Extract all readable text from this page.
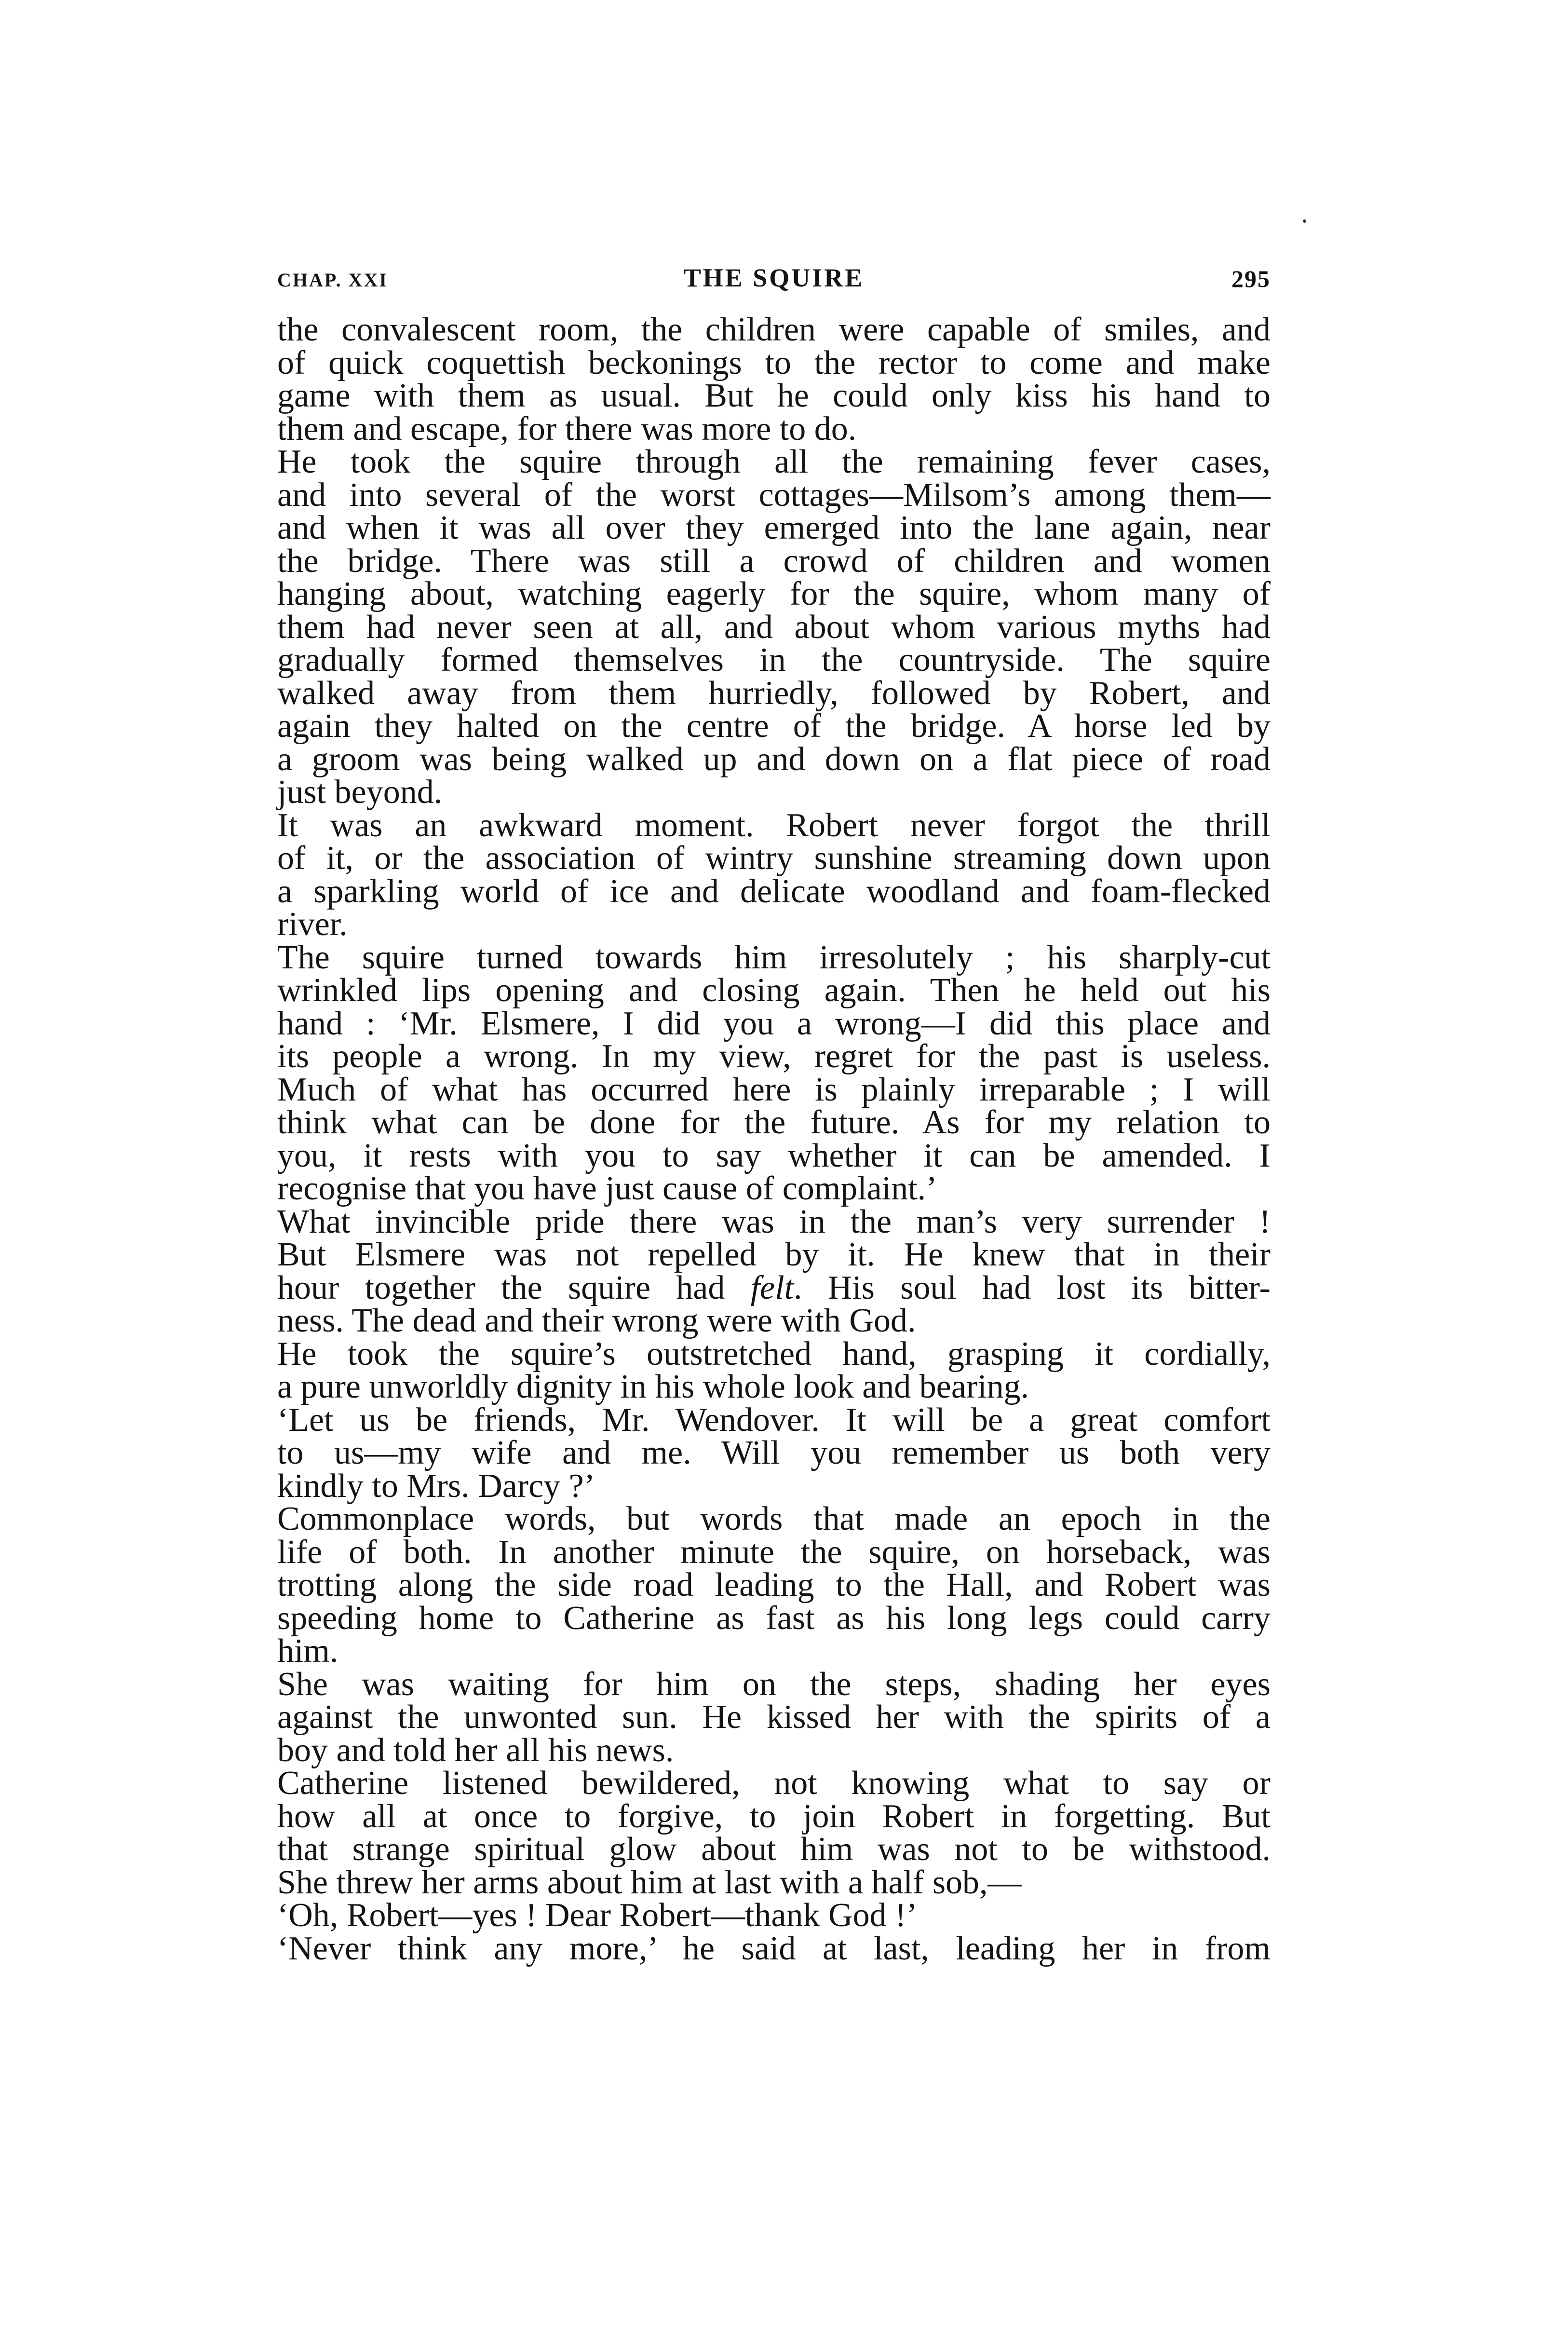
CHAP. XXI	THE SQUIRE	295
the convalescent room, the children were capable of smiles, and
of quick coquettish beckonings to the rector to come and make
game with them as usual. But he could only kiss his hand to
them and escape, for there was more to do.
He took the squire through all the remaining fever cases,
and into several of the worst cottages—Milsom’s among them—
and when it was all over they emerged into the lane again, near
the bridge. There was still a crowd of children and women
hanging about, watching eagerly for the squire, whom many of
them had never seen at all, and about whom various myths had
gradually formed themselves in the countryside. The squire
walked away from them hurriedly, followed by Robert, and
again they halted on the centre of the bridge. A horse led by
a groom was being walked up and down on a flat piece of road
just beyond.
It was an awkward moment. Robert never forgot the thrill
of it, or the association of wintry sunshine streaming down upon
a sparkling world of ice and delicate woodland and foam-flecked
river.
The squire turned towards him irresolutely ; his sharply-cut
wrinkled lips opening and closing again. Then he held out his
hand : ‘Mr. Elsmere, I did you a wrong—I did this place and
its people a wrong. In my view, regret for the past is useless.
Much of what has occurred here is plainly irreparable ; I will
think what can be done for the future. As for my relation to
you, it rests with you to say whether it can be amended. I
recognise that you have just cause of complaint.’
What invincible pride there was in the man’s very surrender !
But Elsmere was not repelled by it. He knew that in their
hour together the squire had felt. His soul had lost its bitter-
ness. The dead and their wrong were with God.
He took the squire’s outstretched hand, grasping it cordially,
a pure unworldly dignity in his whole look and bearing.
‘Let us be friends, Mr. Wendover. It will be a great comfort
to us—my wife and me. Will you remember us both very
kindly to Mrs. Darcy ?’
Commonplace words, but words that made an epoch in the
life of both. In another minute the squire, on horseback, was
trotting along the side road leading to the Hall, and Robert was
speeding home to Catherine as fast as his long legs could carry
him.
She was waiting for him on the steps, shading her eyes
against the unwonted sun. He kissed her with the spirits of a
boy and told her all his news.
Catherine listened bewildered, not knowing what to say or
how all at once to forgive, to join Robert in forgetting. But
that strange spiritual glow about him was not to be withstood.
She threw her arms about him at last with a half sob,—
‘Oh, Robert—yes ! Dear Robert—thank God !’
‘Never think any more,’ he said at last, leading her in from
